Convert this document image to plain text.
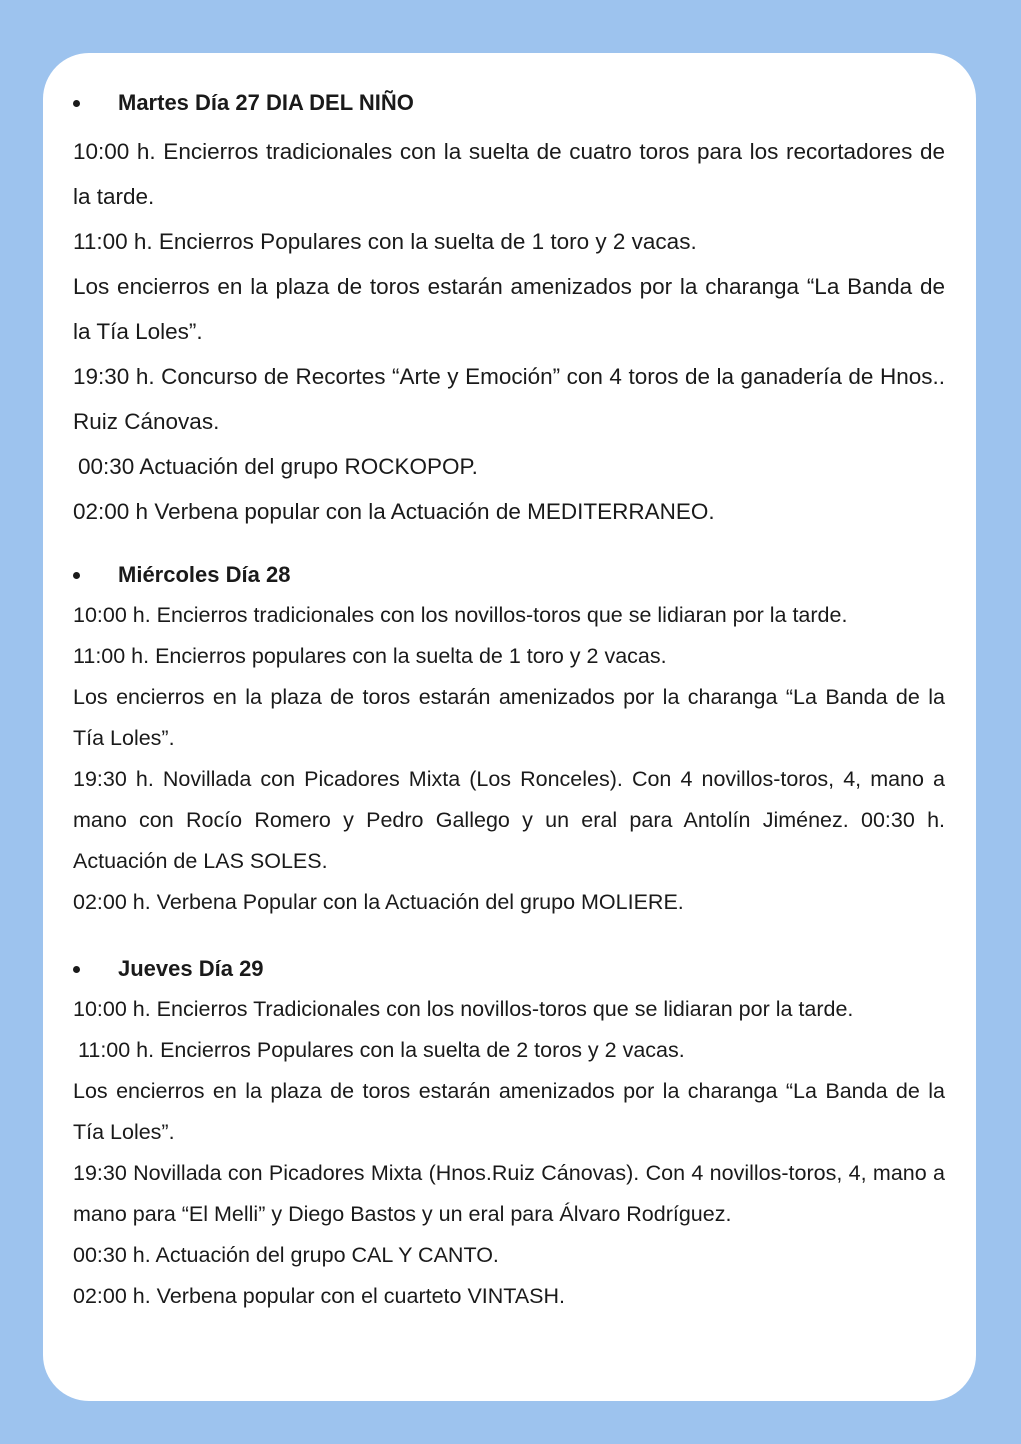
Martes Día 27 DIA DEL NIÑO

10:00 h. Encierros tradicionales con la suelta de cuatro toros para los recortadores de la tarde.

11:00 h. Encierros Populares con la suelta de 1 toro y 2 vacas.

Los encierros en la plaza de toros estarán amenizados por la charanga “La Banda de la Tía Loles”.

19:30 h. Concurso de Recortes “Arte y Emoción” con 4 toros de la ganadería de Hnos.. Ruiz Cánovas.

00:30 Actuación del grupo ROCKOPOP.

02:00 h Verbena popular con la Actuación de MEDITERRANEO.

Miércoles Día 28

10:00 h. Encierros tradicionales con los novillos-toros que se lidiaran por la tarde.

11:00 h. Encierros populares con la suelta de 1 toro y 2 vacas.

Los encierros en la plaza de toros estarán amenizados por la charanga “La Banda de la Tía Loles”.

19:30 h. Novillada con Picadores Mixta (Los Ronceles). Con 4 novillos-toros, 4, mano a mano con Rocío Romero y Pedro Gallego y un eral para Antolín Jiménez. 00:30 h. Actuación de LAS SOLES.

02:00 h. Verbena Popular con la Actuación del grupo MOLIERE.

Jueves Día 29

10:00 h. Encierros Tradicionales con los novillos-toros que se lidiaran por la tarde.

11:00 h. Encierros Populares con la suelta de 2 toros y 2 vacas.

Los encierros en la plaza de toros estarán amenizados por la charanga “La Banda de la Tía Loles”.

19:30 Novillada con Picadores Mixta (Hnos.Ruiz Cánovas). Con 4 novillos-toros, 4, mano a mano para “El Melli” y Diego Bastos y un eral para Álvaro Rodríguez.

00:30 h. Actuación del grupo CAL Y CANTO.

02:00 h. Verbena popular con el cuarteto VINTASH.
